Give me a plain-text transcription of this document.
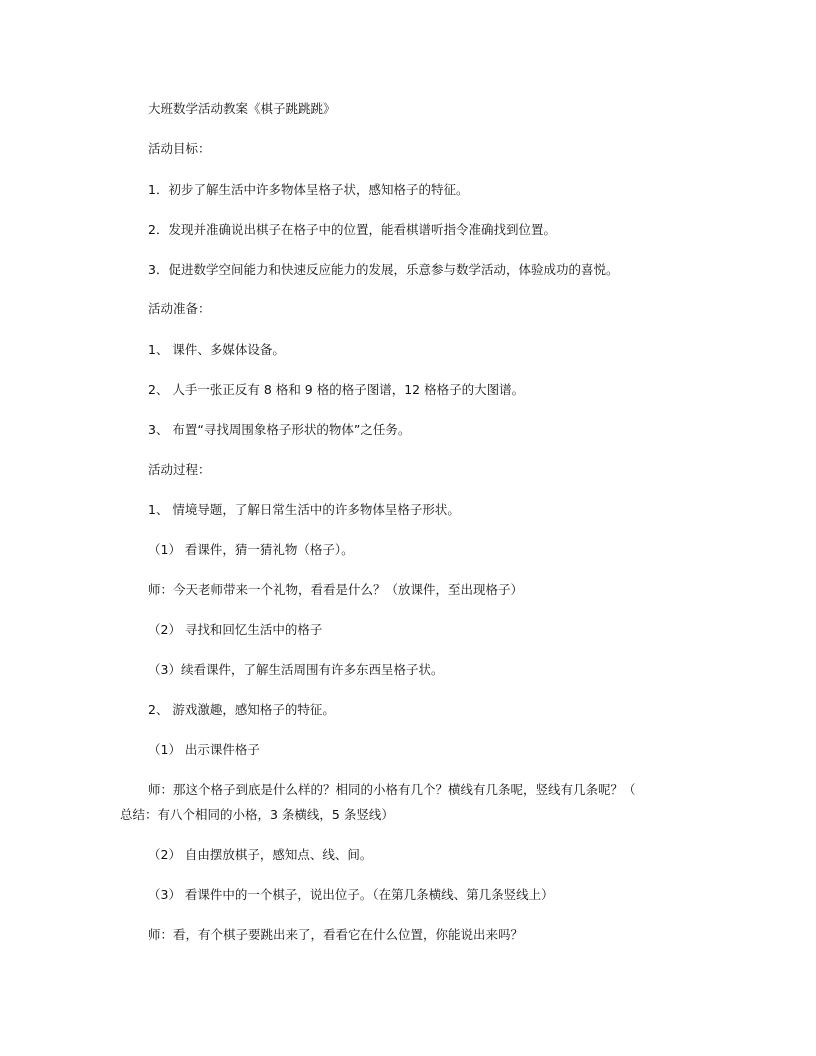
大班数学活动教案《棋子跳跳跳》
活动目标：
1．初步了解生活中许多物体呈格子状，感知格子的特征。
2．发现并准确说出棋子在格子中的位置，能看棋谱听指令准确找到位置。
3．促进数学空间能力和快速反应能力的发展，乐意参与数学活动，体验成功的喜悦。
活动准备：
1、 课件、多媒体设备。
2、 人手一张正反有 8 格和 9 格的格子图谱，12 格格子的大图谱。
3、 布置“寻找周围象格子形状的物体”之任务。
活动过程：
1、 情境导题，了解日常生活中的许多物体呈格子形状。
（1） 看课件，猜一猜礼物（格子）。
师：今天老师带来一个礼物，看看是什么？（放课件，至出现格子）
（2） 寻找和回忆生活中的格子
（3）续看课件，了解生活周围有许多东西呈格子状。
2、 游戏激趣，感知格子的特征。
（1） 出示课件格子
师：那这个格子到底是什么样的？相同的小格有几个？横线有几条呢，竖线有几条呢？（
总结：有八个相同的小格，3 条横线，5 条竖线）
（2） 自由摆放棋子，感知点、线、间。
（3） 看课件中的一个棋子，说出位子。（在第几条横线、第几条竖线上）
师：看，有个棋子要跳出来了，看看它在什么位置，你能说出来吗？
